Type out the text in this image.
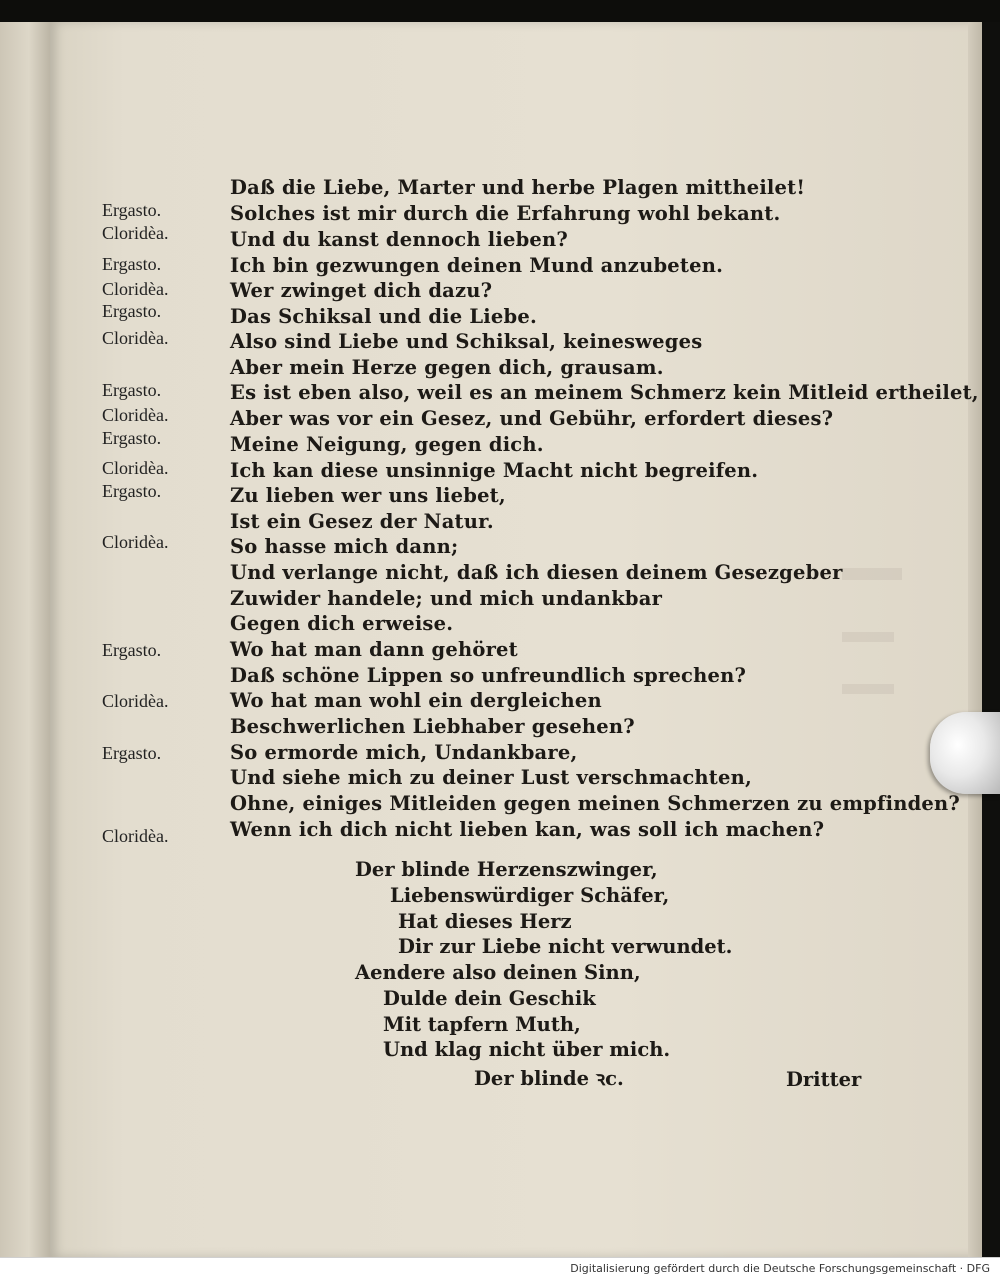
Ergasto.
Cloridèa.
Ergasto.
Cloridèa.
Ergasto.
Cloridèa.
Ergasto.
Cloridèa.
Ergasto.
Cloridèa.
Ergasto.
Cloridèa.
Ergasto.
Cloridèa.
Ergasto.
Cloridèa.
Daß die Liebe, Marter und herbe Plagen mittheilet!
Solches ist mir durch die Erfahrung wohl bekant.
Und du kanst dennoch lieben?
Ich bin gezwungen deinen Mund anzubeten.
Wer zwinget dich dazu?
Das Schiksal und die Liebe.
Also sind Liebe und Schiksal, keinesweges
Aber mein Herze gegen dich, grausam.
Es ist eben also, weil es an meinem Schmerz kein Mitleid ertheilet,
Aber was vor ein Gesez, und Gebühr, erfordert dieses?
Meine Neigung, gegen dich.
Ich kan diese unsinnige Macht nicht begreifen.
Zu lieben wer uns liebet,
Ist ein Gesez der Natur.
So hasse mich dann;
Und verlange nicht, daß ich diesen deinem Gesezgeber
Zuwider handele; und mich undankbar
Gegen dich erweise.
Wo hat man dann gehöret
Daß schöne Lippen so unfreundlich sprechen?
Wo hat man wohl ein dergleichen
Beschwerlichen Liebhaber gesehen?
So ermorde mich, Undankbare,
Und siehe mich zu deiner Lust verschmachten,
Ohne, einiges Mitleiden gegen meinen Schmerzen zu empfinden?
Wenn ich dich nicht lieben kan, was soll ich machen?
Der blinde Herzenszwinger,
Liebenswürdiger Schäfer,
Hat dieses Herz
Dir zur Liebe nicht verwundet.
Aendere also deinen Sinn,
Dulde dein Geschik
Mit tapfern Muth,
Und klag nicht über mich.
Der blinde ꝛc.	Dritter
Digitalisierung gefördert durch die Deutsche Forschungsgemeinschaft · DFG
